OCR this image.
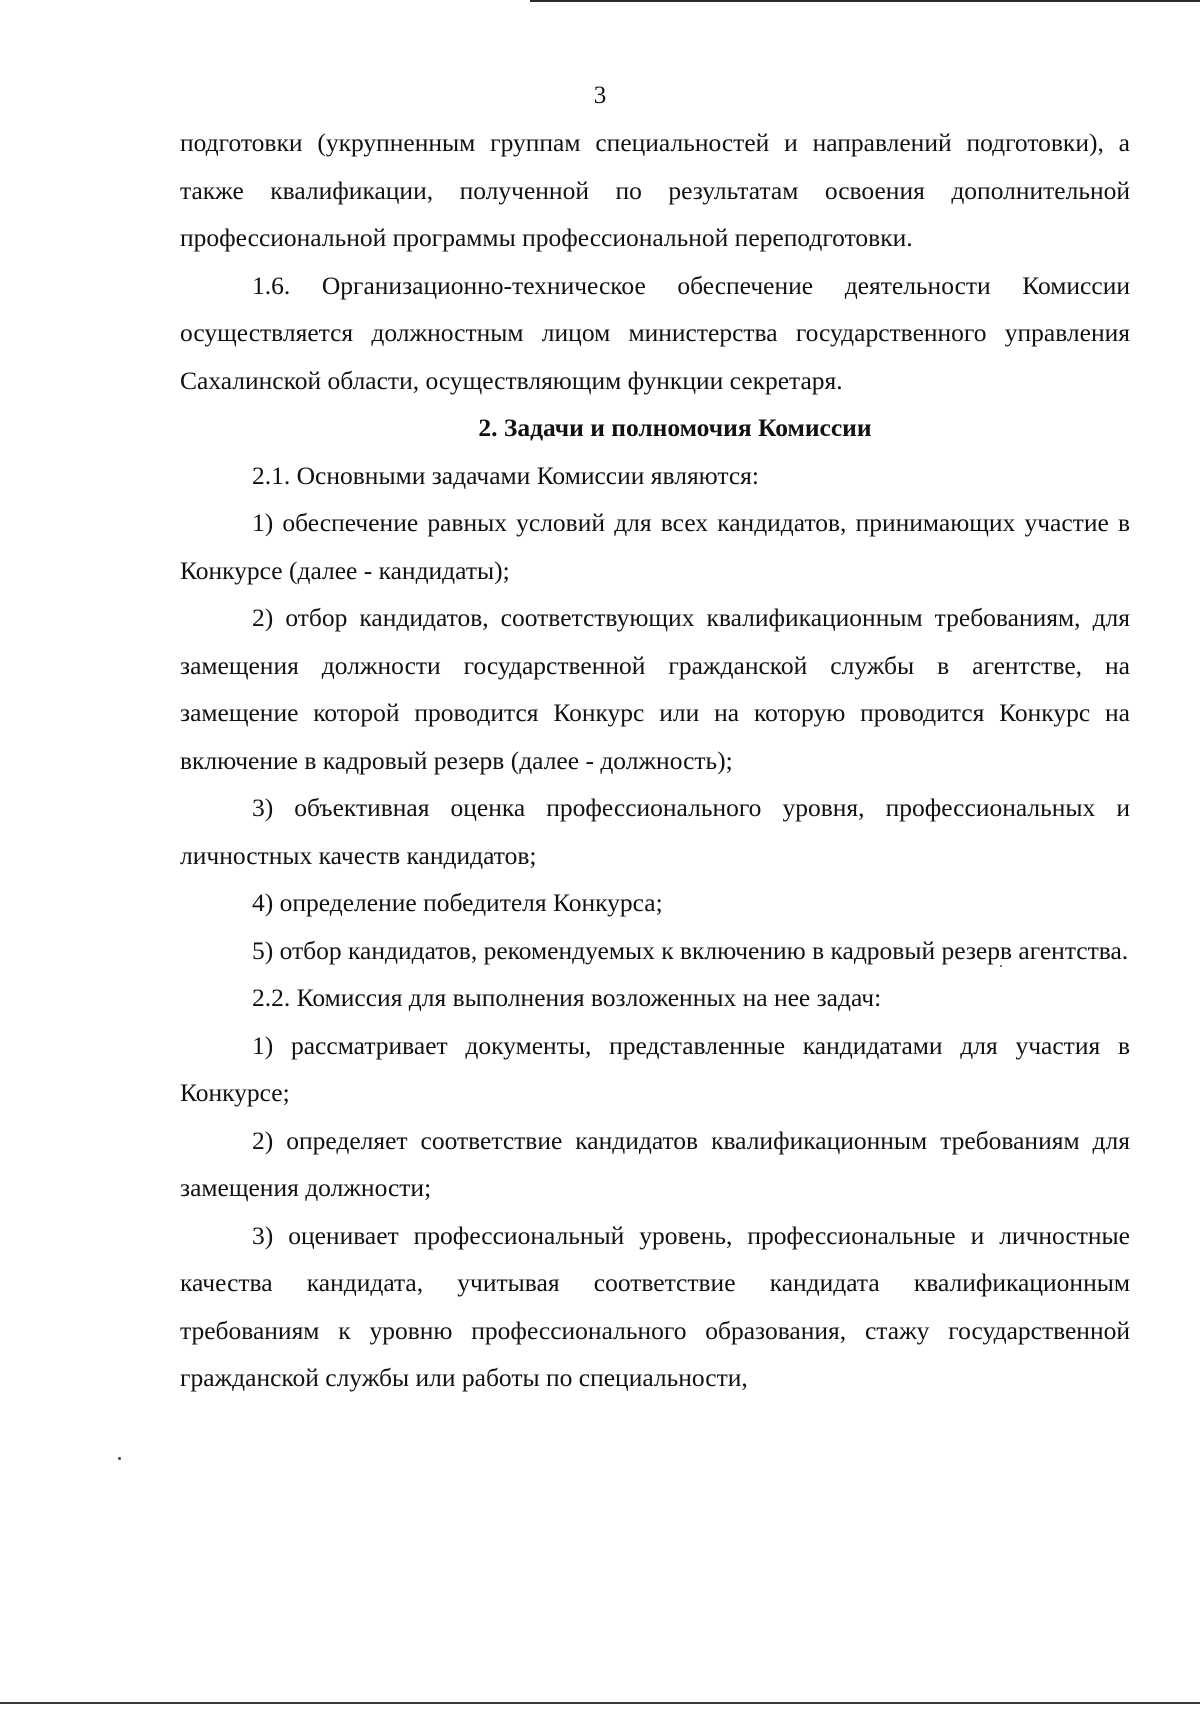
3

подготовки (укрупненным группам специальностей и направлений подготовки), а также квалификации, полученной по результатам освоения дополнительной профессиональной программы профессиональной переподготовки.

1.6. Организационно-техническое обеспечение деятельности Комиссии осуществляется должностным лицом министерства государственного управления Сахалинской области, осуществляющим функции секретаря.

2. Задачи и полномочия Комиссии

2.1. Основными задачами Комиссии являются:

1) обеспечение равных условий для всех кандидатов, принимающих участие в Конкурсе (далее - кандидаты);

2) отбор кандидатов, соответствующих квалификационным требованиям, для замещения должности государственной гражданской службы в агентстве, на замещение которой проводится Конкурс или на которую проводится Конкурс на включение в кадровый резерв (далее - должность);

3) объективная оценка профессионального уровня, профессиональных и личностных качеств кандидатов;

4) определение победителя Конкурса;

5) отбор кандидатов, рекомендуемых к включению в кадровый резерв агентства.

2.2. Комиссия для выполнения возложенных на нее задач:

1) рассматривает документы, представленные кандидатами для участия в Конкурсе;

2) определяет соответствие кандидатов квалификационным требованиям для замещения должности;

3) оценивает профессиональный уровень, профессиональные и личностные качества кандидата, учитывая соответствие кандидата квалификационным требованиям к уровню профессионального образования, стажу государственной гражданской службы или работы по специальности,
